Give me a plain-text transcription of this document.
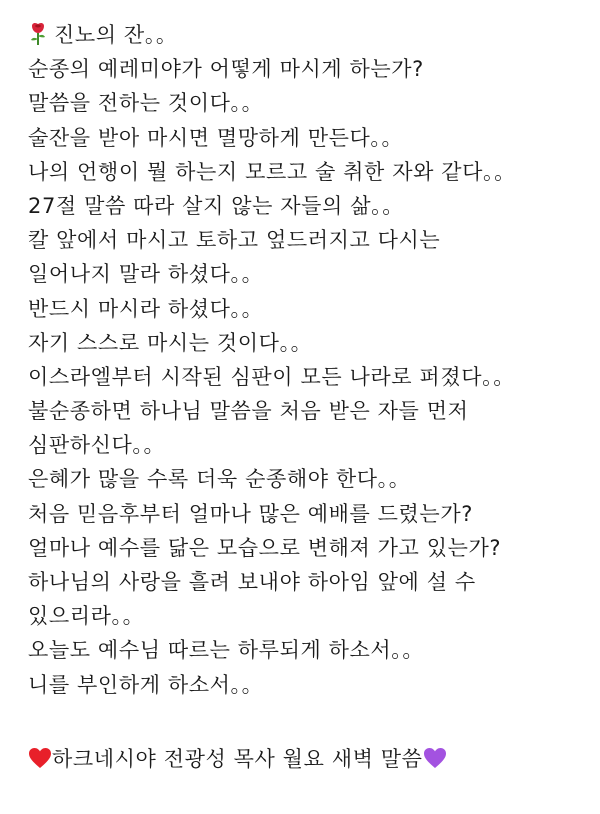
진노의 잔。。
순종의 예레미야가 어떻게 마시게 하는가?
말씀을 전하는 것이다。。
술잔을 받아 마시면 멸망하게 만든다。。
나의 언행이 뭘 하는지 모르고 술 취한 자와 같다。。
27절 말씀 따라 살지 않는 자들의 삶。。
칼 앞에서 마시고 토하고 엎드러지고 다시는
일어나지 말라 하셨다。。
반드시 마시라 하셨다。。
자기 스스로 마시는 것이다。。
이스라엘부터 시작된 심판이 모든 나라로 퍼졌다。。
불순종하면 하나님 말씀을 처음 받은 자들 먼저
심판하신다。。
은혜가 많을 수록 더욱 순종해야 한다。。
처음 믿음후부터 얼마나 많은 예배를 드렸는가?
얼마나 예수를 닮은 모습으로 변해져 가고 있는가?
하나님의 사랑을 흘려 보내야 하아임 앞에 설 수
있으리라。。
오늘도 예수님 따르는 하루되게 하소서。。
니를 부인하게 하소서。。
하크네시야 전광성 목사 월요 새벽 말씀
